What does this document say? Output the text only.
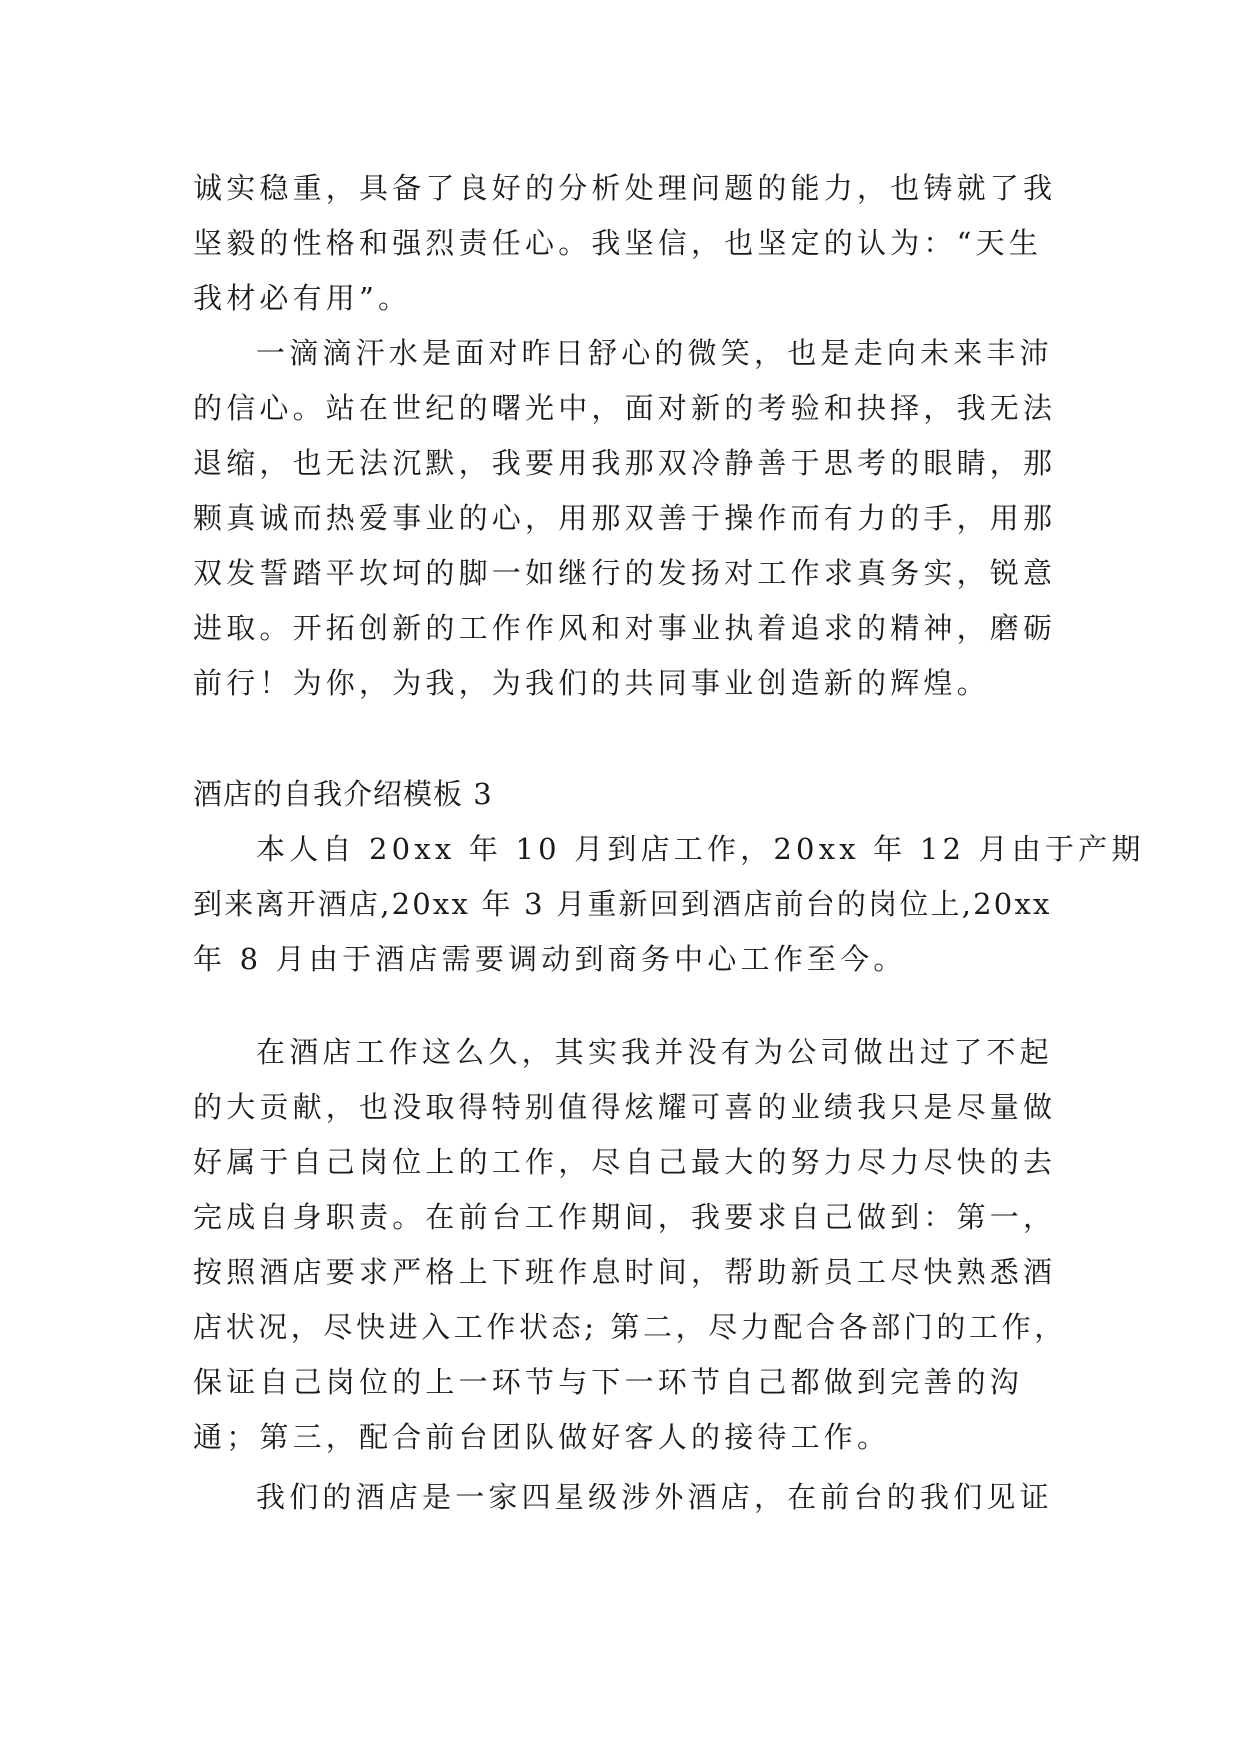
诚实稳重，具备了良好的分析处理问题的能力，也铸就了我
坚毅的性格和强烈责任心。我坚信，也坚定的认为：“天生
我材必有用”。
一滴滴汗水是面对昨日舒心的微笑，也是走向未来丰沛
的信心。站在世纪的曙光中，面对新的考验和抉择，我无法
退缩，也无法沉默，我要用我那双冷静善于思考的眼睛，那
颗真诚而热爱事业的心，用那双善于操作而有力的手，用那
双发誓踏平坎坷的脚一如继行的发扬对工作求真务实，锐意
进取。开拓创新的工作作风和对事业执着追求的精神，磨砺
前行！为你，为我，为我们的共同事业创造新的辉煌。
酒店的自我介绍模板 3
本人自 20xx 年 10 月到店工作，20xx 年 12 月由于产期
到来离开酒店,20xx 年 3 月重新回到酒店前台的岗位上,20xx
年 8 月由于酒店需要调动到商务中心工作至今。
在酒店工作这么久，其实我并没有为公司做出过了不起
的大贡献，也没取得特别值得炫耀可喜的业绩我只是尽量做
好属于自己岗位上的工作，尽自己最大的努力尽力尽快的去
完成自身职责。在前台工作期间，我要求自己做到：第一，
按照酒店要求严格上下班作息时间，帮助新员工尽快熟悉酒
店状况，尽快进入工作状态; 第二，尽力配合各部门的工作，
保证自己岗位的上一环节与下一环节自己都做到完善的沟
通；第三，配合前台团队做好客人的接待工作。
我们的酒店是一家四星级涉外酒店，在前台的我们见证
